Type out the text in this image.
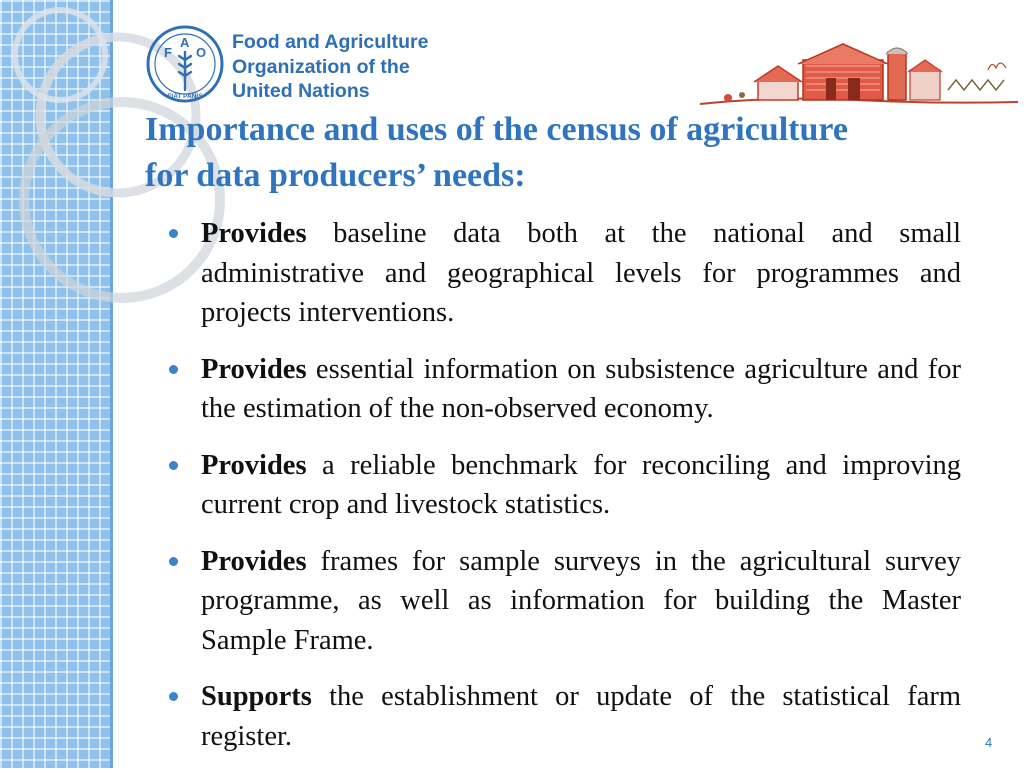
F
A
O
FIAT PANIS
Food and Agriculture
Organization of the
United Nations
Importance and uses of the census of agriculture
for data producers’ needs:
Provides baseline data both at the national and small administrative and geographical levels for programmes and projects interventions.
Provides essential information on subsistence agriculture and for the estimation of the non-observed economy.
Provides a reliable benchmark for reconciling and improving current crop and livestock statistics.
Provides frames for sample surveys in the agricultural survey programme, as well as information for building the Master Sample Frame.
Supports the establishment or update of the statistical farm register.	4
